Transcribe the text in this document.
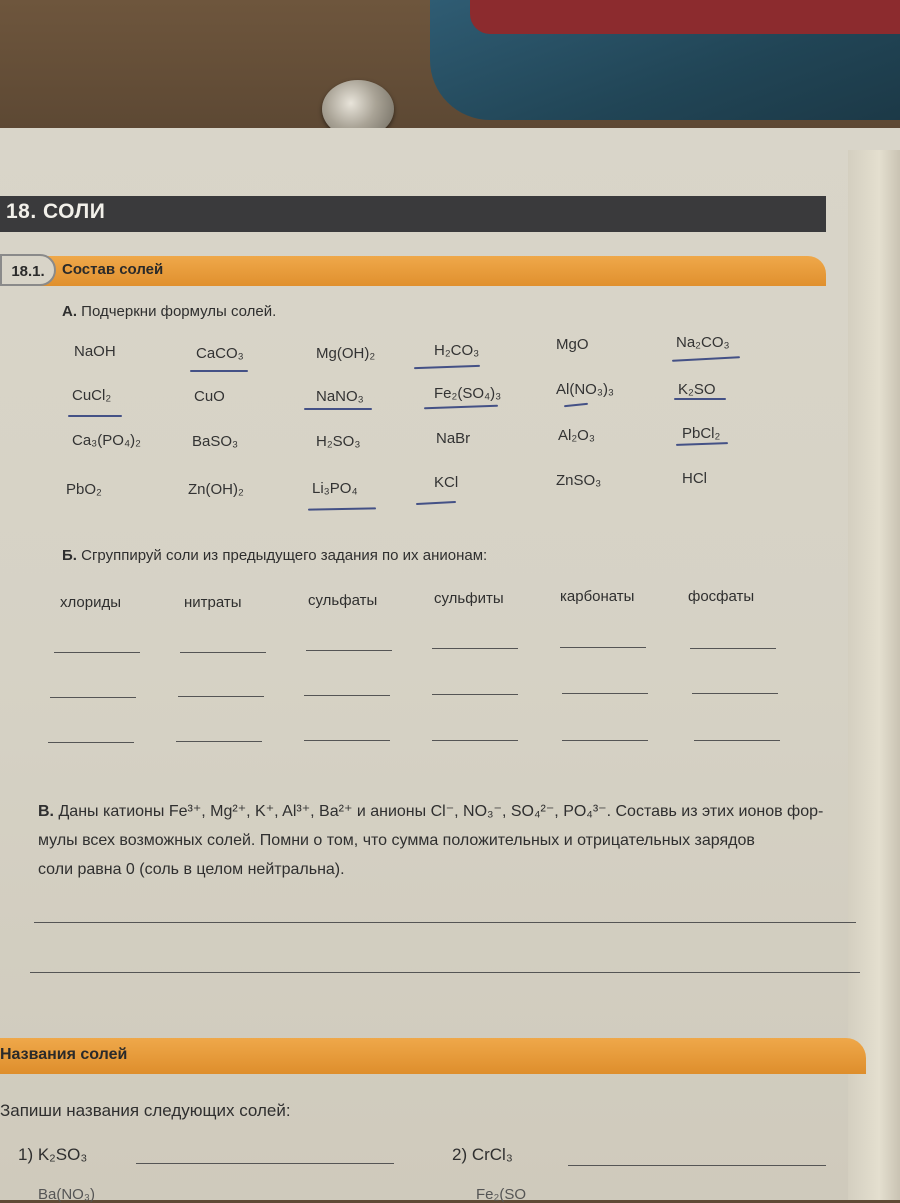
18. СОЛИ
18.1.	Состав солей
А. Подчеркни формулы солей.
NaOH	CaCO₃	Mg(OH)₂	H₂CO₃	MgO	Na₂CO₃
CuCl₂	CuO	NaNO₃	Fe₂(SO₄)₃	Al(NO₃)₃	K₂SO
Ca₃(PO₄)₂	BaSO₃	H₂SO₃	NaBr	Al₂O₃	PbCl₂
PbO₂	Zn(OH)₂	Li₃PO₄	KCl	ZnSO₃	HCl
Б. Сгруппируй соли из предыдущего задания по их анионам:
хлориды	нитраты	сульфаты	сульфиты	карбонаты	фосфаты
В. Даны катионы Fe³⁺, Mg²⁺, K⁺, Al³⁺, Ba²⁺ и анионы Cl⁻, NO₃⁻, SO₄²⁻, PO₄³⁻. Составь из этих ионов фор-
мулы всех возможных солей. Помни о том, что сумма положительных и отрицательных зарядов
соли равна 0 (соль в целом нейтральна).
Названия солей
Запиши названия следующих солей:
1) K₂SO₃	2) CrCl₃
Ba(NO₃)	Fe₂(SO
